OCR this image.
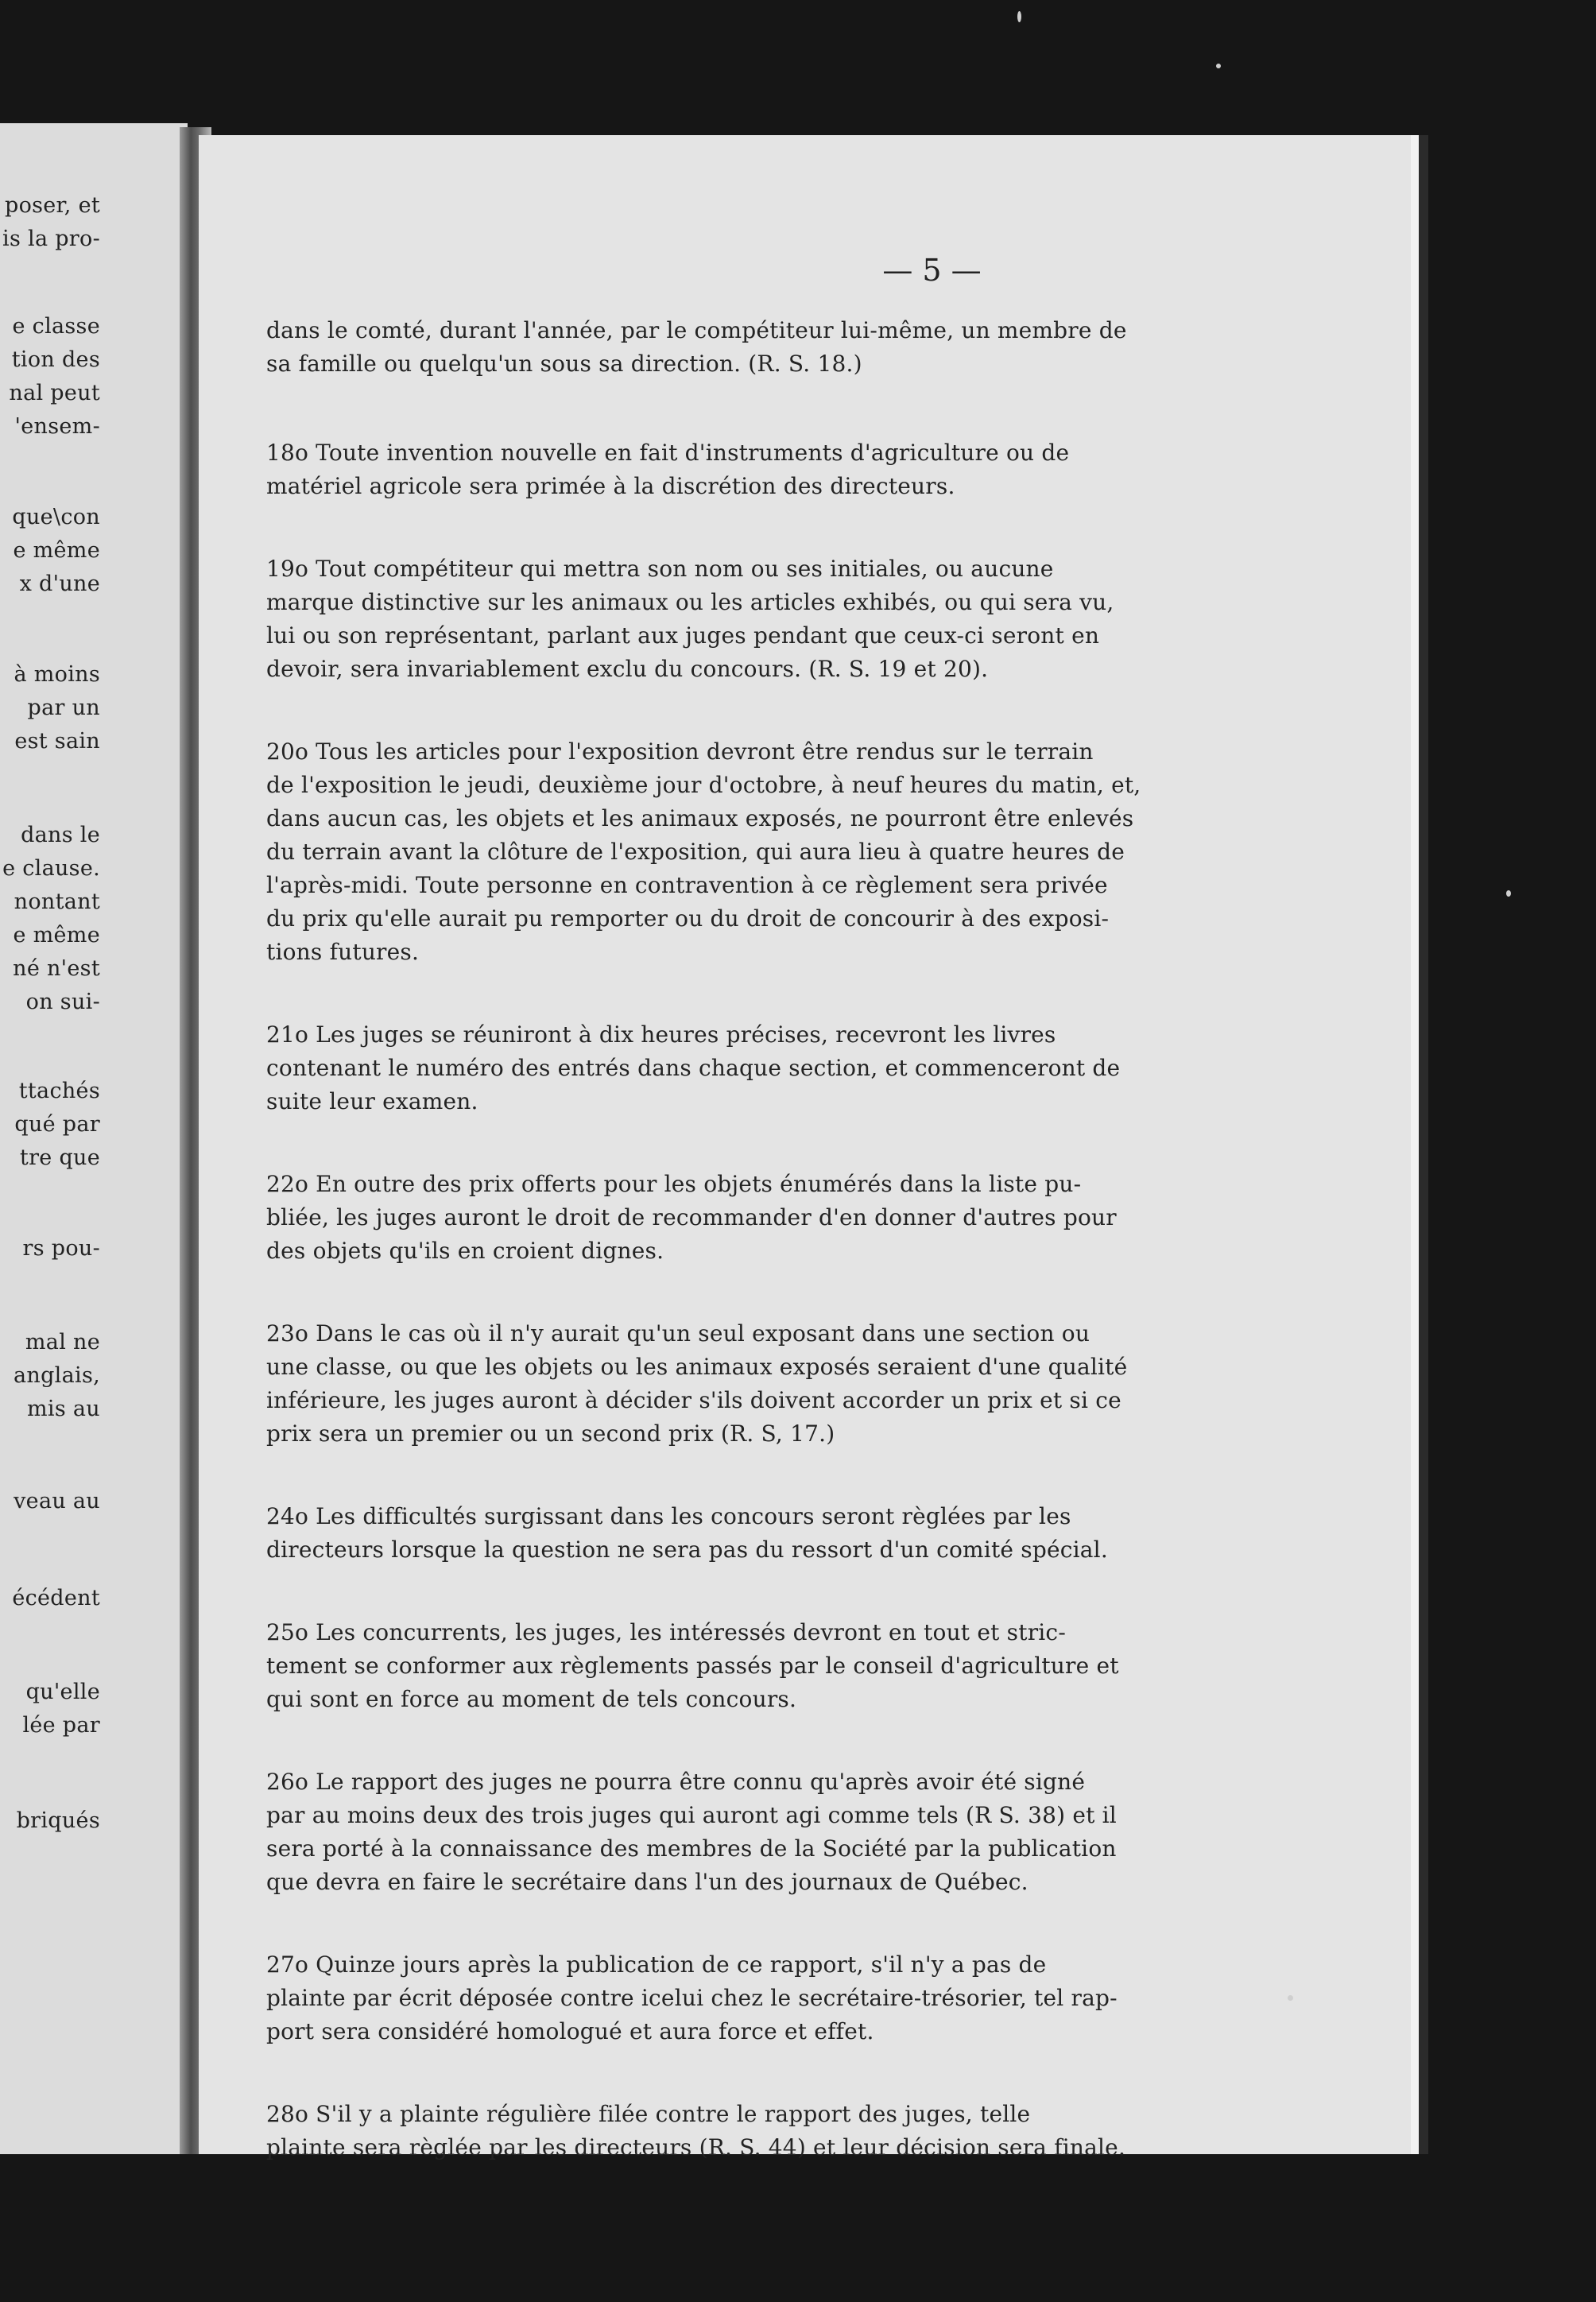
poser, et

is la pro-

e classe

tion des

nal peut

'ensem-

que\con

e même

x d'une

à moins

par un

est sain

dans le

e clause.

nontant

e même

né n'est

on sui-

ttachés

qué par

tre que

rs pou-

mal ne

anglais,

mis au

veau au

écédent

qu'elle

lée par

briqués

— 5 —

dans le comté, durant l'année, par le compétiteur lui-même, un membre de
sa famille ou quelqu'un sous sa direction. (R. S. 18.)
18o Toute invention nouvelle en fait d'instruments d'agriculture ou de
matériel agricole sera primée à la discrétion des directeurs.
19o Tout compétiteur qui mettra son nom ou ses initiales, ou aucune
marque distinctive sur les animaux ou les articles exhibés, ou qui sera vu,
lui ou son représentant, parlant aux juges pendant que ceux-ci seront en
devoir, sera invariablement exclu du concours. (R. S. 19 et 20).
20o Tous les articles pour l'exposition devront être rendus sur le terrain
de l'exposition le jeudi, deuxième jour d'octobre, à neuf heures du matin, et,
dans aucun cas, les objets et les animaux exposés, ne pourront être enlevés
du terrain avant la clôture de l'exposition, qui aura lieu à quatre heures de
l'après-midi. Toute personne en contravention à ce règlement sera privée
du prix qu'elle aurait pu remporter ou du droit de concourir à des exposi-
tions futures.
21o Les juges se réuniront à dix heures précises, recevront les livres
contenant le numéro des entrés dans chaque section, et commenceront de
suite leur examen.
22o En outre des prix offerts pour les objets énumérés dans la liste pu-
bliée, les juges auront le droit de recommander d'en donner d'autres pour
des objets qu'ils en croient dignes.
23o Dans le cas où il n'y aurait qu'un seul exposant dans une section ou
une classe, ou que les objets ou les animaux exposés seraient d'une qualité
inférieure, les juges auront à décider s'ils doivent accorder un prix et si ce
prix sera un premier ou un second prix (R. S, 17.)
24o Les difficultés surgissant dans les concours seront règlées par les
directeurs lorsque la question ne sera pas du ressort d'un comité spécial.
25o Les concurrents, les juges, les intéressés devront en tout et stric-
tement se conformer aux règlements passés par le conseil d'agriculture et
qui sont en force au moment de tels concours.
26o Le rapport des juges ne pourra être connu qu'après avoir été signé
par au moins deux des trois juges qui auront agi comme tels (R S. 38) et il
sera porté à la connaissance des membres de la Société par la publication
que devra en faire le secrétaire dans l'un des journaux de Québec.
27o Quinze jours après la publication de ce rapport, s'il n'y a pas de
plainte par écrit déposée contre icelui chez le secrétaire-trésorier, tel rap-
port sera considéré homologué et aura force et effet.
28o S'il y a plainte régulière filée contre le rapport des juges, telle
plainte sera règlée par les directeurs (R. S. 44) et leur décision sera finale.
